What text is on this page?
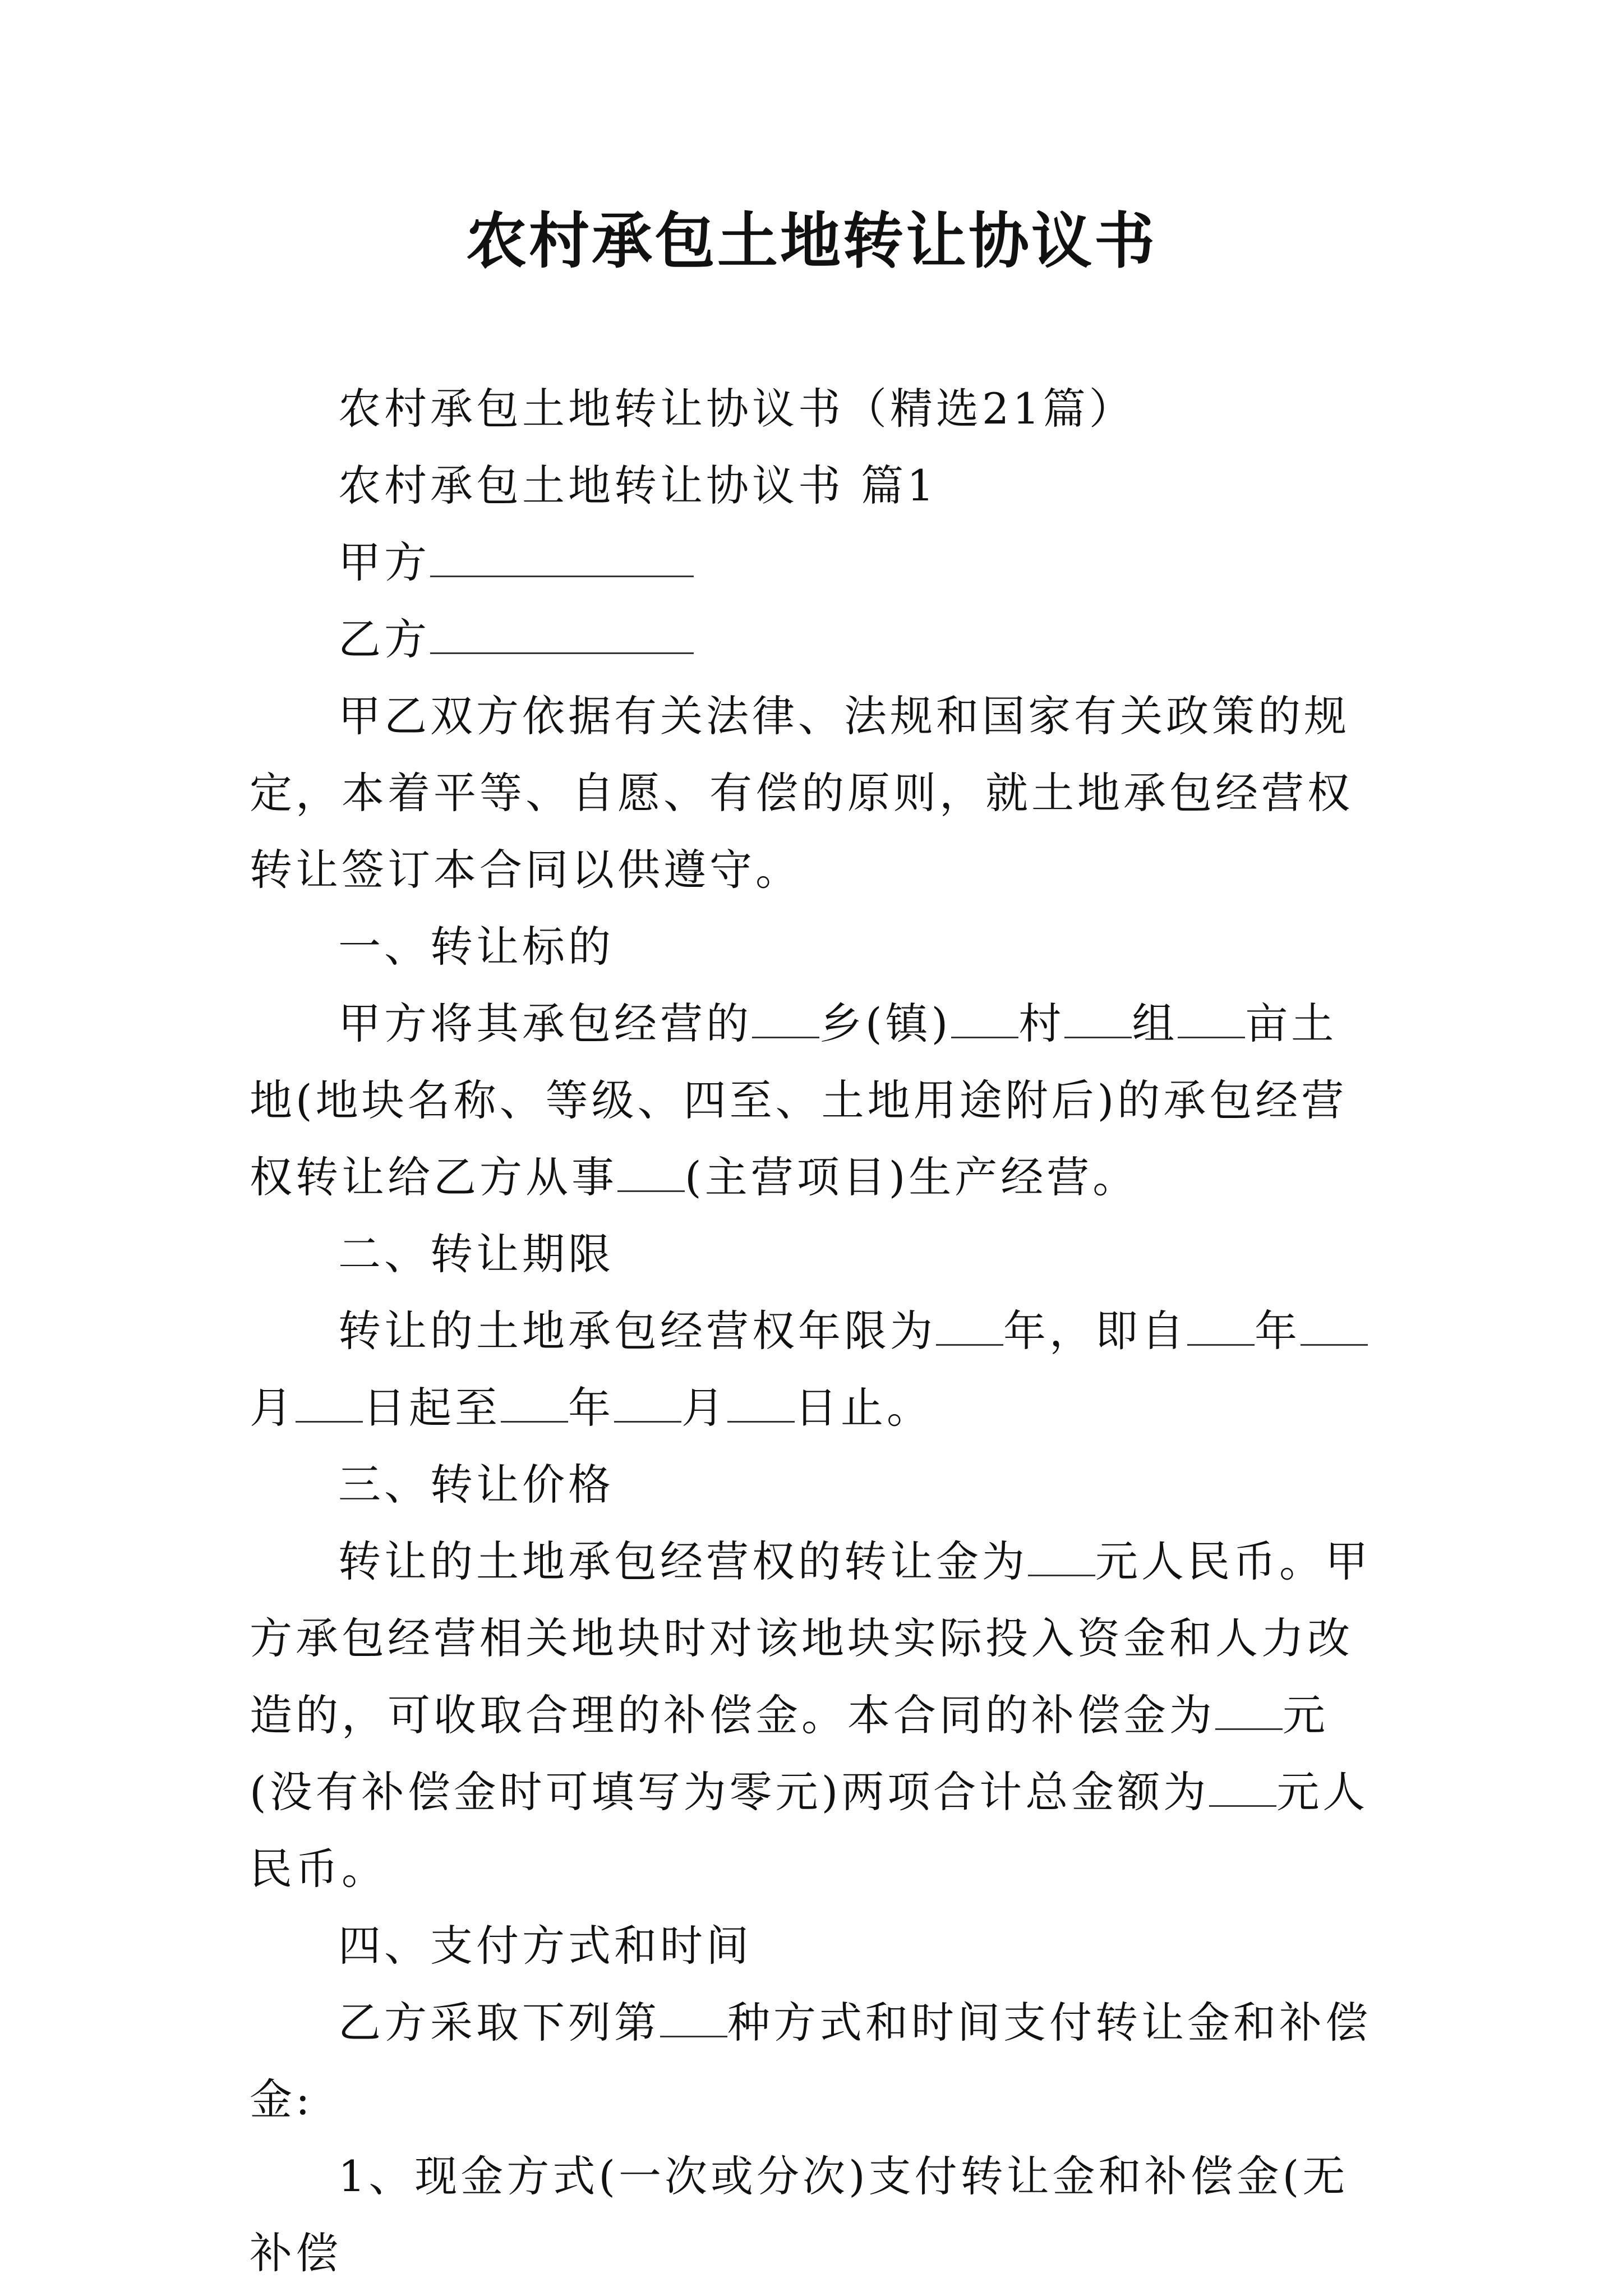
农村承包土地转让协议书

农村承包土地转让协议书（精选21篇）

农村承包土地转让协议书 篇1

甲方

乙方

甲乙双方依据有关法律、法规和国家有关政策的规定，本着平等、自愿、有偿的原则，就土地承包经营权转让签订本合同以供遵守。

一、转让标的

甲方将其承包经营的 乡(镇) 村 组 亩土地(地块名称、等级、四至、土地用途附后)的承包经营权转让给乙方从事 (主营项目)生产经营。

二、转让期限

转让的土地承包经营权年限为 年，即自 年月 日起至 年 月 日止。

三、转让价格

转让的土地承包经营权的转让金为 元人民币。甲方承包经营相关地块时对该地块实际投入资金和人力改造的，可收取合理的补偿金。本合同的补偿金为 元(没有补偿金时可填写为零元)两项合计总金额为 元人民币。

四、支付方式和时间

乙方采取下列第 种方式和时间支付转让金和补偿金:

1、现金方式(一次或分次)支付转让金和补偿金(无补偿
